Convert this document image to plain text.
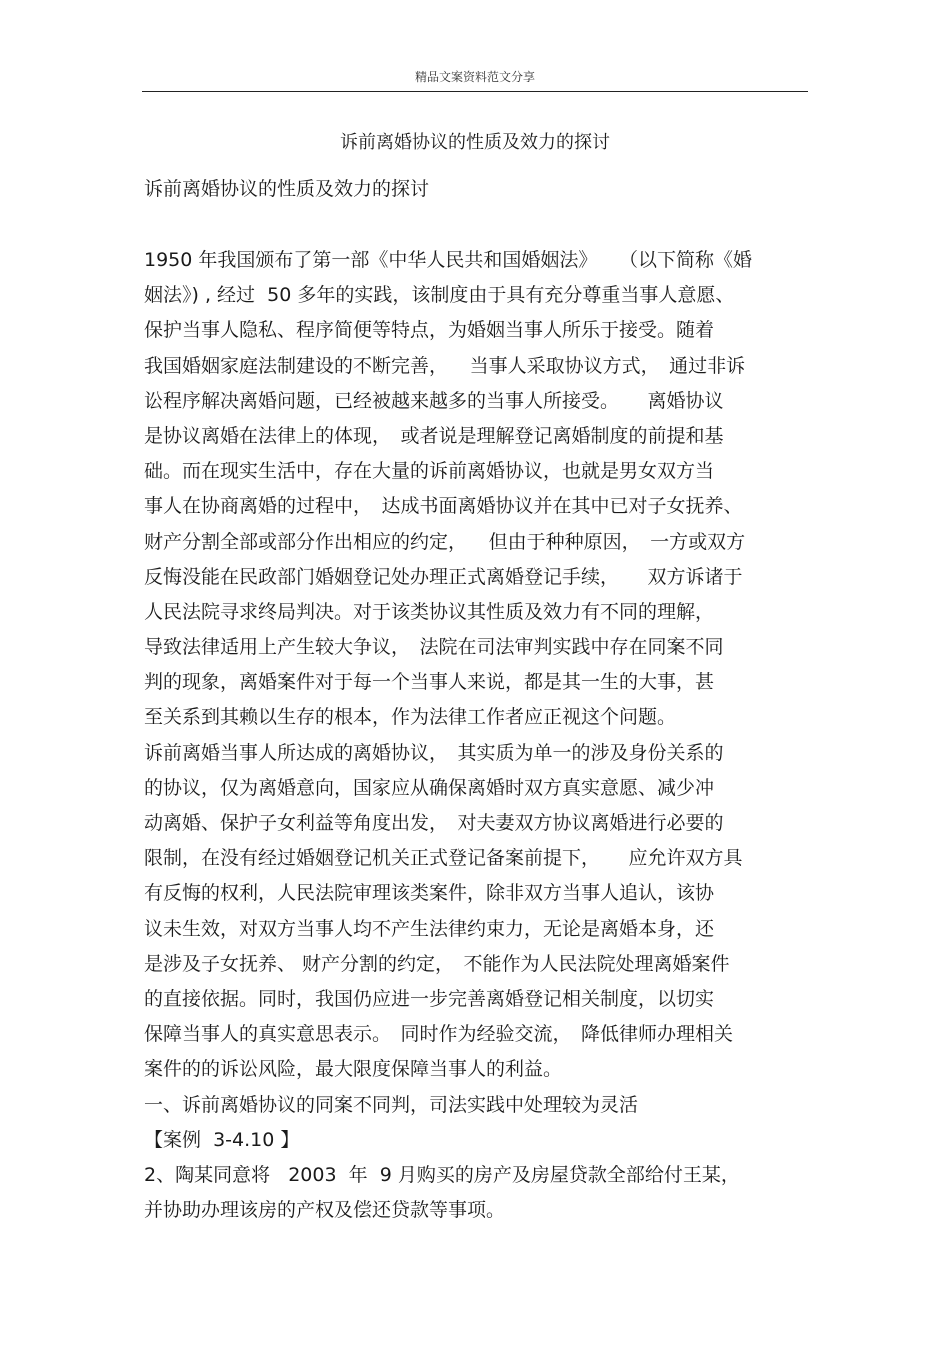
精品文案资料范文分享
诉前离婚协议的性质及效力的探讨
诉前离婚协议的性质及效力的探讨
1950 年我国颁布了第一部《中华人民共和国婚姻法》　  （以下简称《婚
姻法》) , 经过  50 多年的实践，该制度由于具有充分尊重当事人意愿、
保护当事人隐私、程序简便等特点，为婚姻当事人所乐于接受。随着
我国婚姻家庭法制建设的不断完善，　  当事人采取协议方式，　通过非诉
讼程序解决离婚问题，已经被越来越多的当事人所接受。　　离婚协议
是协议离婚在法律上的体现，　或者说是理解登记离婚制度的前提和基
础。而在现实生活中，存在大量的诉前离婚协议，也就是男女双方当
事人在协商离婚的过程中，　达成书面离婚协议并在其中已对子女抚养、
财产分割全部或部分作出相应的约定，　  但由于种种原因，　一方或双方
反悔没能在民政部门婚姻登记处办理正式离婚登记手续，　　双方诉诸于
人民法院寻求终局判决。对于该类协议其性质及效力有不同的理解，
导致法律适用上产生较大争议，　法院在司法审判实践中存在同案不同
判的现象，离婚案件对于每一个当事人来说，都是其一生的大事，甚
至关系到其赖以生存的根本，作为法律工作者应正视这个问题。
诉前离婚当事人所达成的离婚协议，　其实质为单一的涉及身份关系的
的协议，仅为离婚意向，国家应从确保离婚时双方真实意愿、减少冲
动离婚、保护子女利益等角度出发，　对夫妻双方协议离婚进行必要的
限制，在没有经过婚姻登记机关正式登记备案前提下，　　应允许双方具
有反悔的权利，人民法院审理该类案件，除非双方当事人追认，该协
议未生效，对双方当事人均不产生法律约束力，无论是离婚本身，还
是涉及子女抚养、 财产分割的约定，　不能作为人民法院处理离婚案件
的直接依据。同时，我国仍应进一步完善离婚登记相关制度，以切实
保障当事人的真实意思表示。　同时作为经验交流，　降低律师办理相关
案件的的诉讼风险，最大限度保障当事人的利益。
一、诉前离婚协议的同案不同判，司法实践中处理较为灵活
【案例  3-4.10 】
2、陶某同意将   2003  年  9 月购买的房产及房屋贷款全部给付王某，
并协助办理该房的产权及偿还贷款等事项。
